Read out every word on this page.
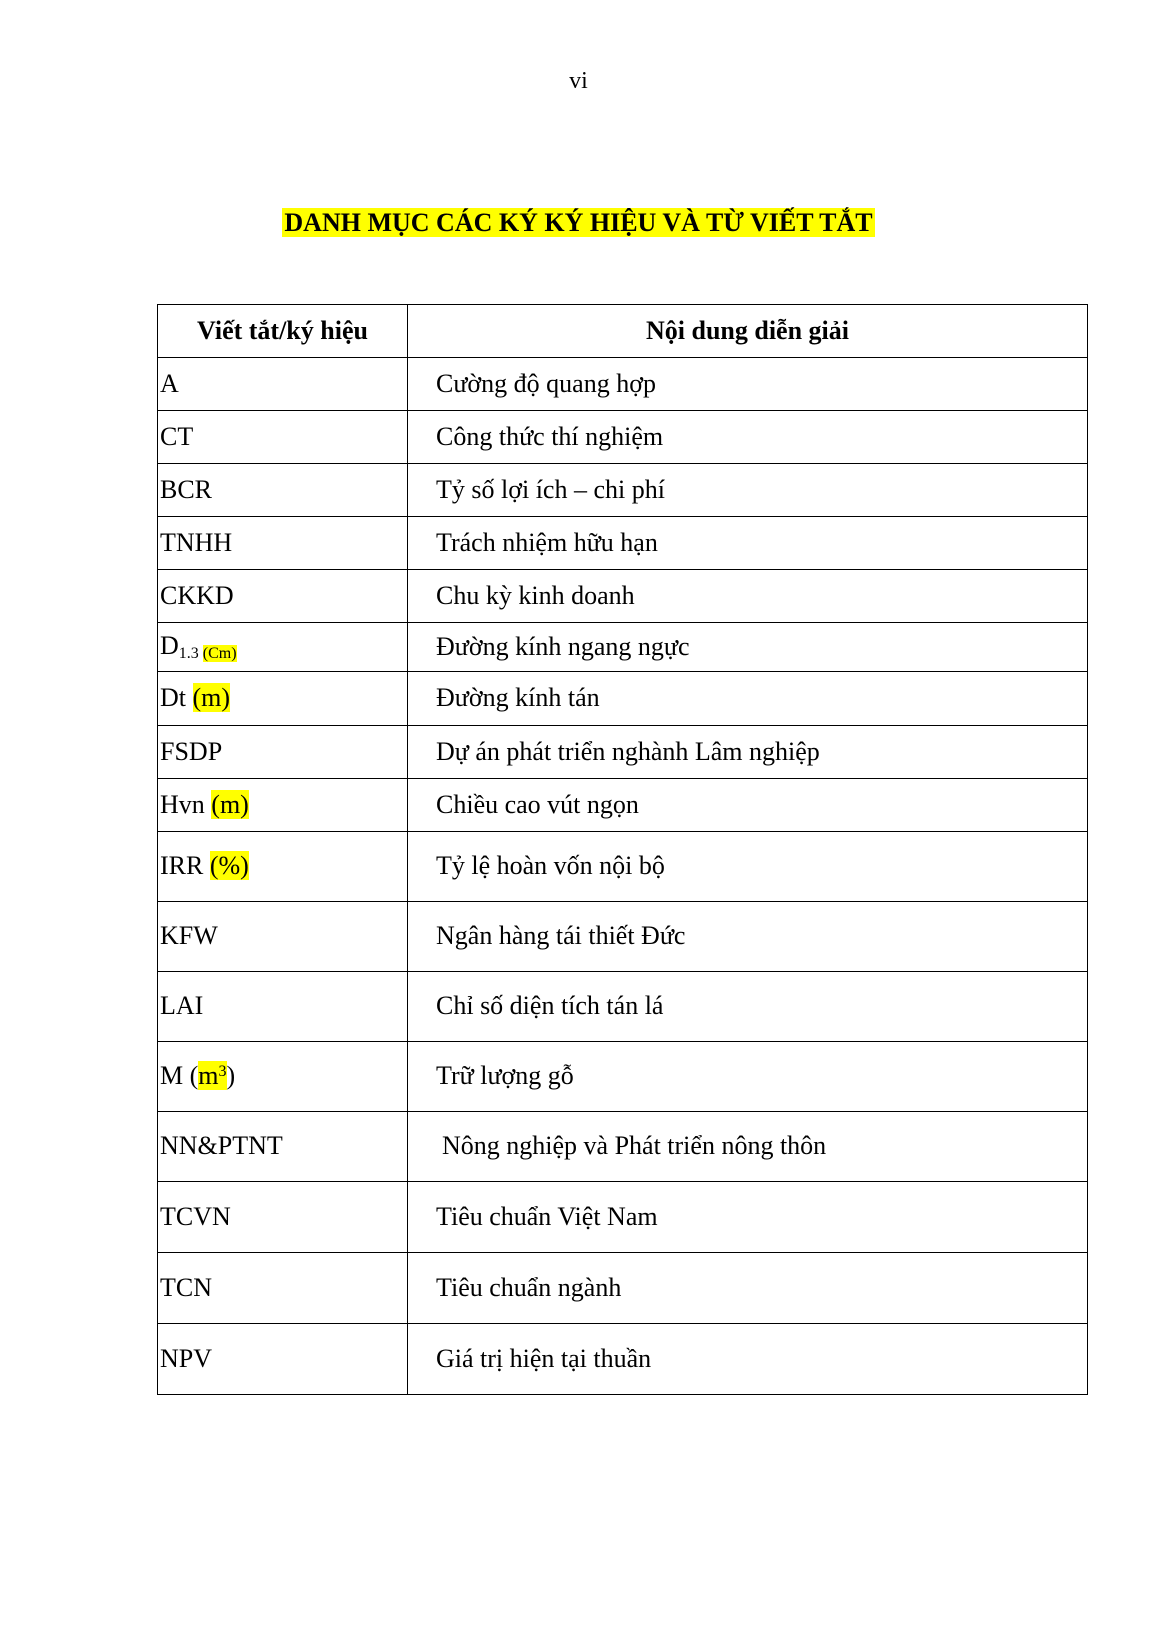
vi
DANH MỤC CÁC KÝ KÝ HIỆU VÀ TỪ VIẾT TẮT
Viết tắt/ký hiệu	Nội dung diễn giải
A	Cường độ quang hợp
CT	Công thức thí nghiệm
BCR	Tỷ số lợi ích – chi phí
TNHH	Trách nhiệm hữu hạn
CKKD	Chu kỳ kinh doanh
$D_{1.3 (Cm)}$	Đường kính ngang ngực
Dt (m)	Đường kính tán
FSDP	Dự án phát triển nghành Lâm nghiệp
Hvn (m)	Chiều cao vút ngọn
IRR (%)	Tỷ lệ hoàn vốn nội bộ
KFW	Ngân hàng tái thiết Đức
LAI	Chỉ số diện tích tán lá
M $(m^3)$	Trữ lượng gỗ
NN&PTNT	Nông nghiệp và Phát triển nông thôn
TCVN	Tiêu chuẩn Việt Nam
TCN	Tiêu chuẩn ngành
NPV	Giá trị hiện tại thuần
